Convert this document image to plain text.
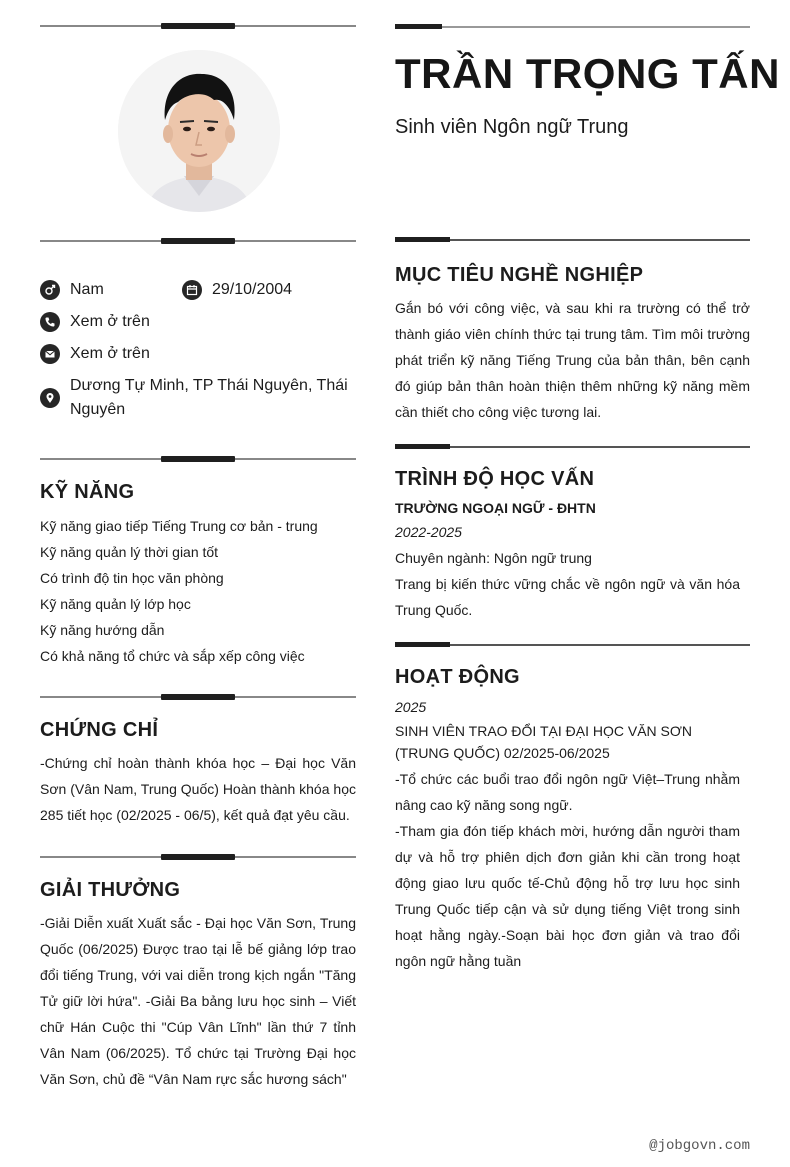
Nam	29/10/2004
Xem ở trên
Xem ở trên
Dương Tự Minh, TP Thái Nguyên, Thái Nguyên
KỸ NĂNG
Kỹ năng giao tiếp Tiếng Trung cơ bản - trung
Kỹ năng quản lý thời gian tốt
Có trình độ tin học văn phòng
Kỹ năng quản lý lớp học
Kỹ năng hướng dẫn
Có khả năng tổ chức và sắp xếp công việc
CHỨNG CHỈ

-Chứng chỉ hoàn thành khóa học – Đại học Văn Sơn (Vân Nam, Trung Quốc) Hoàn thành khóa học 285 tiết học (02/2025 - 06/5), kết quả đạt yêu cầu.

GIẢI THƯỞNG

-Giải Diễn xuất Xuất sắc - Đại học Văn Sơn, Trung Quốc (06/2025) Được trao tại lễ bế giảng lớp trao đổi tiếng Trung, với vai diễn trong kịch ngắn "Tăng Tử giữ lời hứa". -Giải Ba bảng lưu học sinh – Viết chữ Hán Cuộc thi "Cúp Vân Lĩnh" lần thứ 7 tỉnh Vân Nam (06/2025). Tổ chức tại Trường Đại học Văn Sơn, chủ đề “Vân Nam rực sắc hương sách"

TRẦN TRỌNG TẤN
Sinh viên Ngôn ngữ Trung
MỤC TIÊU NGHỀ NGHIỆP

Gắn bó với công việc, và sau khi ra trường có thể trở thành giáo viên chính thức tại trung tâm. Tìm môi trường phát triển kỹ năng Tiếng Trung của bản thân, bên cạnh đó giúp bản thân hoàn thiện thêm những kỹ năng mềm cần thiết cho công việc tương lai.

TRÌNH ĐỘ HỌC VẤN
TRƯỜNG NGOẠI NGỮ - ĐHTN
2022-2025
Chuyên ngành: Ngôn ngữ trung

Trang bị kiến thức vững chắc về ngôn ngữ và văn hóa Trung Quốc.

HOẠT ĐỘNG
2025

SINH VIÊN TRAO ĐỔI TẠI ĐẠI HỌC VĂN SƠN (TRUNG QUỐC) 02/2025-06/2025

-Tổ chức các buổi trao đổi ngôn ngữ Việt–Trung nhằm nâng cao kỹ năng song ngữ.

-Tham gia đón tiếp khách mời, hướng dẫn người tham dự và hỗ trợ phiên dịch đơn giản khi cần trong hoạt động giao lưu quốc tế-Chủ động hỗ trợ lưu học sinh Trung Quốc tiếp cận và sử dụng tiếng Việt trong sinh hoạt hằng ngày.-Soạn bài học đơn giản và trao đổi ngôn ngữ hằng tuần

@jobgovn.com
